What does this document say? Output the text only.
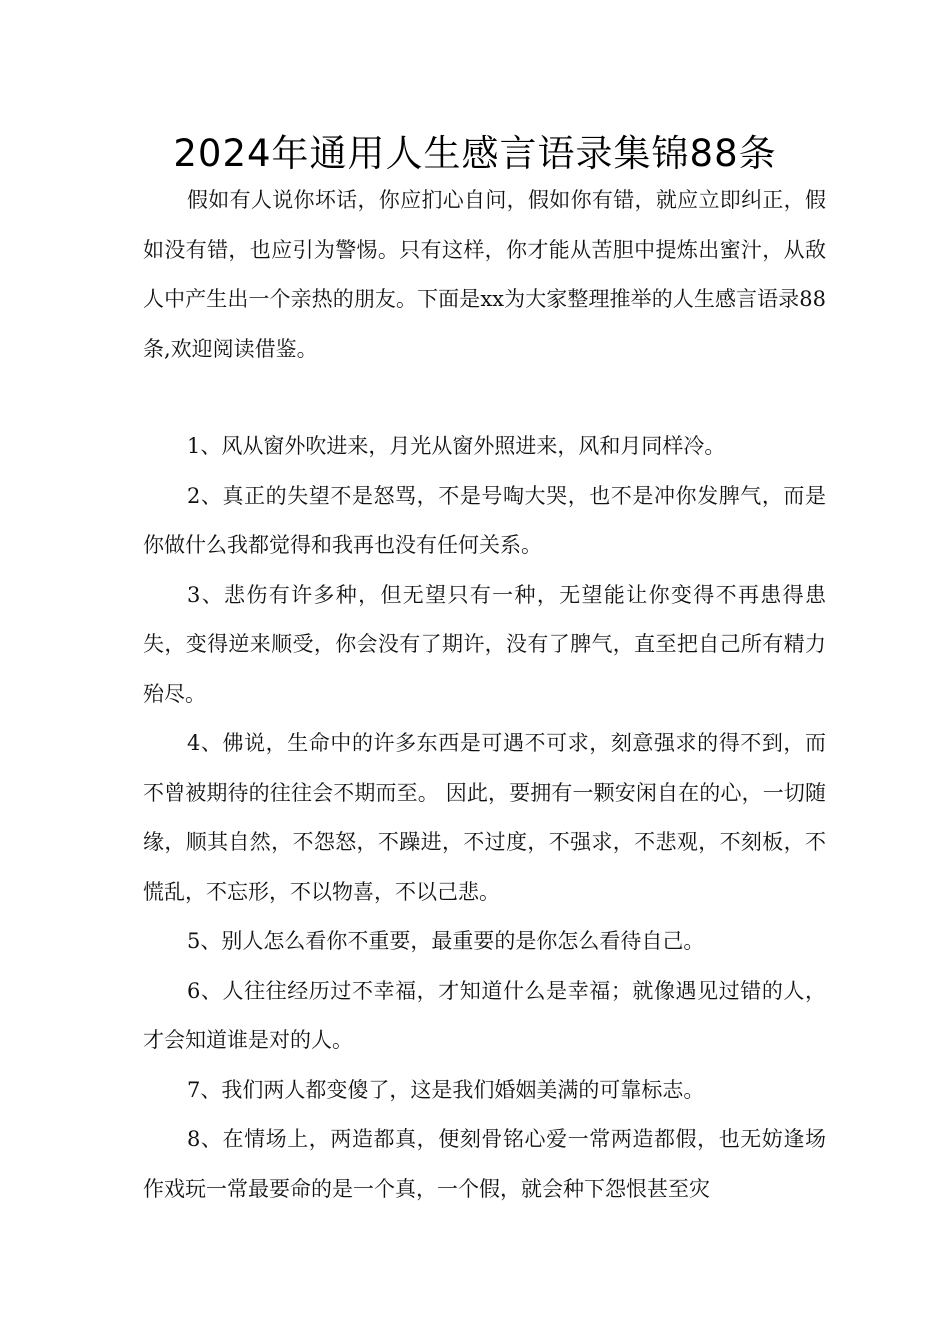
2024年通用人生感言语录集锦88条

假如有人说你坏话，你应扪心自问，假如你有错，就应立即纠正，假如没有错，也应引为警惕。只有这样，你才能从苦胆中提炼出蜜汁，从敌人中产生出一个亲热的朋友。下面是xx为大家整理推举的人生感言语录88条,欢迎阅读借鉴。

1、风从窗外吹进来，月光从窗外照进来，风和月同样冷。

2、真正的失望不是怒骂，不是号啕大哭，也不是冲你发脾气，而是你做什么我都觉得和我再也没有任何关系。

3、悲伤有许多种，但无望只有一种，无望能让你变得不再患得患失，变得逆来顺受，你会没有了期许，没有了脾气，直至把自己所有精力殆尽。

4、佛说，生命中的许多东西是可遇不可求，刻意强求的得不到，而不曾被期待的往往会不期而至。 因此，要拥有一颗安闲自在的心，一切随缘，顺其自然，不怨怒，不躁进，不过度，不强求，不悲观，不刻板，不慌乱，不忘形，不以物喜，不以己悲。

5、别人怎么看你不重要，最重要的是你怎么看待自己。

6、人往往经历过不幸福，才知道什么是幸福；就像遇见过错的人，才会知道谁是对的人。

7、我们两人都变傻了，这是我们婚姻美满的可靠标志。

8、在情场上，两造都真，便刻骨铭心爱一常两造都假，也无妨逢场作戏玩一常最要命的是一个真，一个假，就会种下怨恨甚至灾
